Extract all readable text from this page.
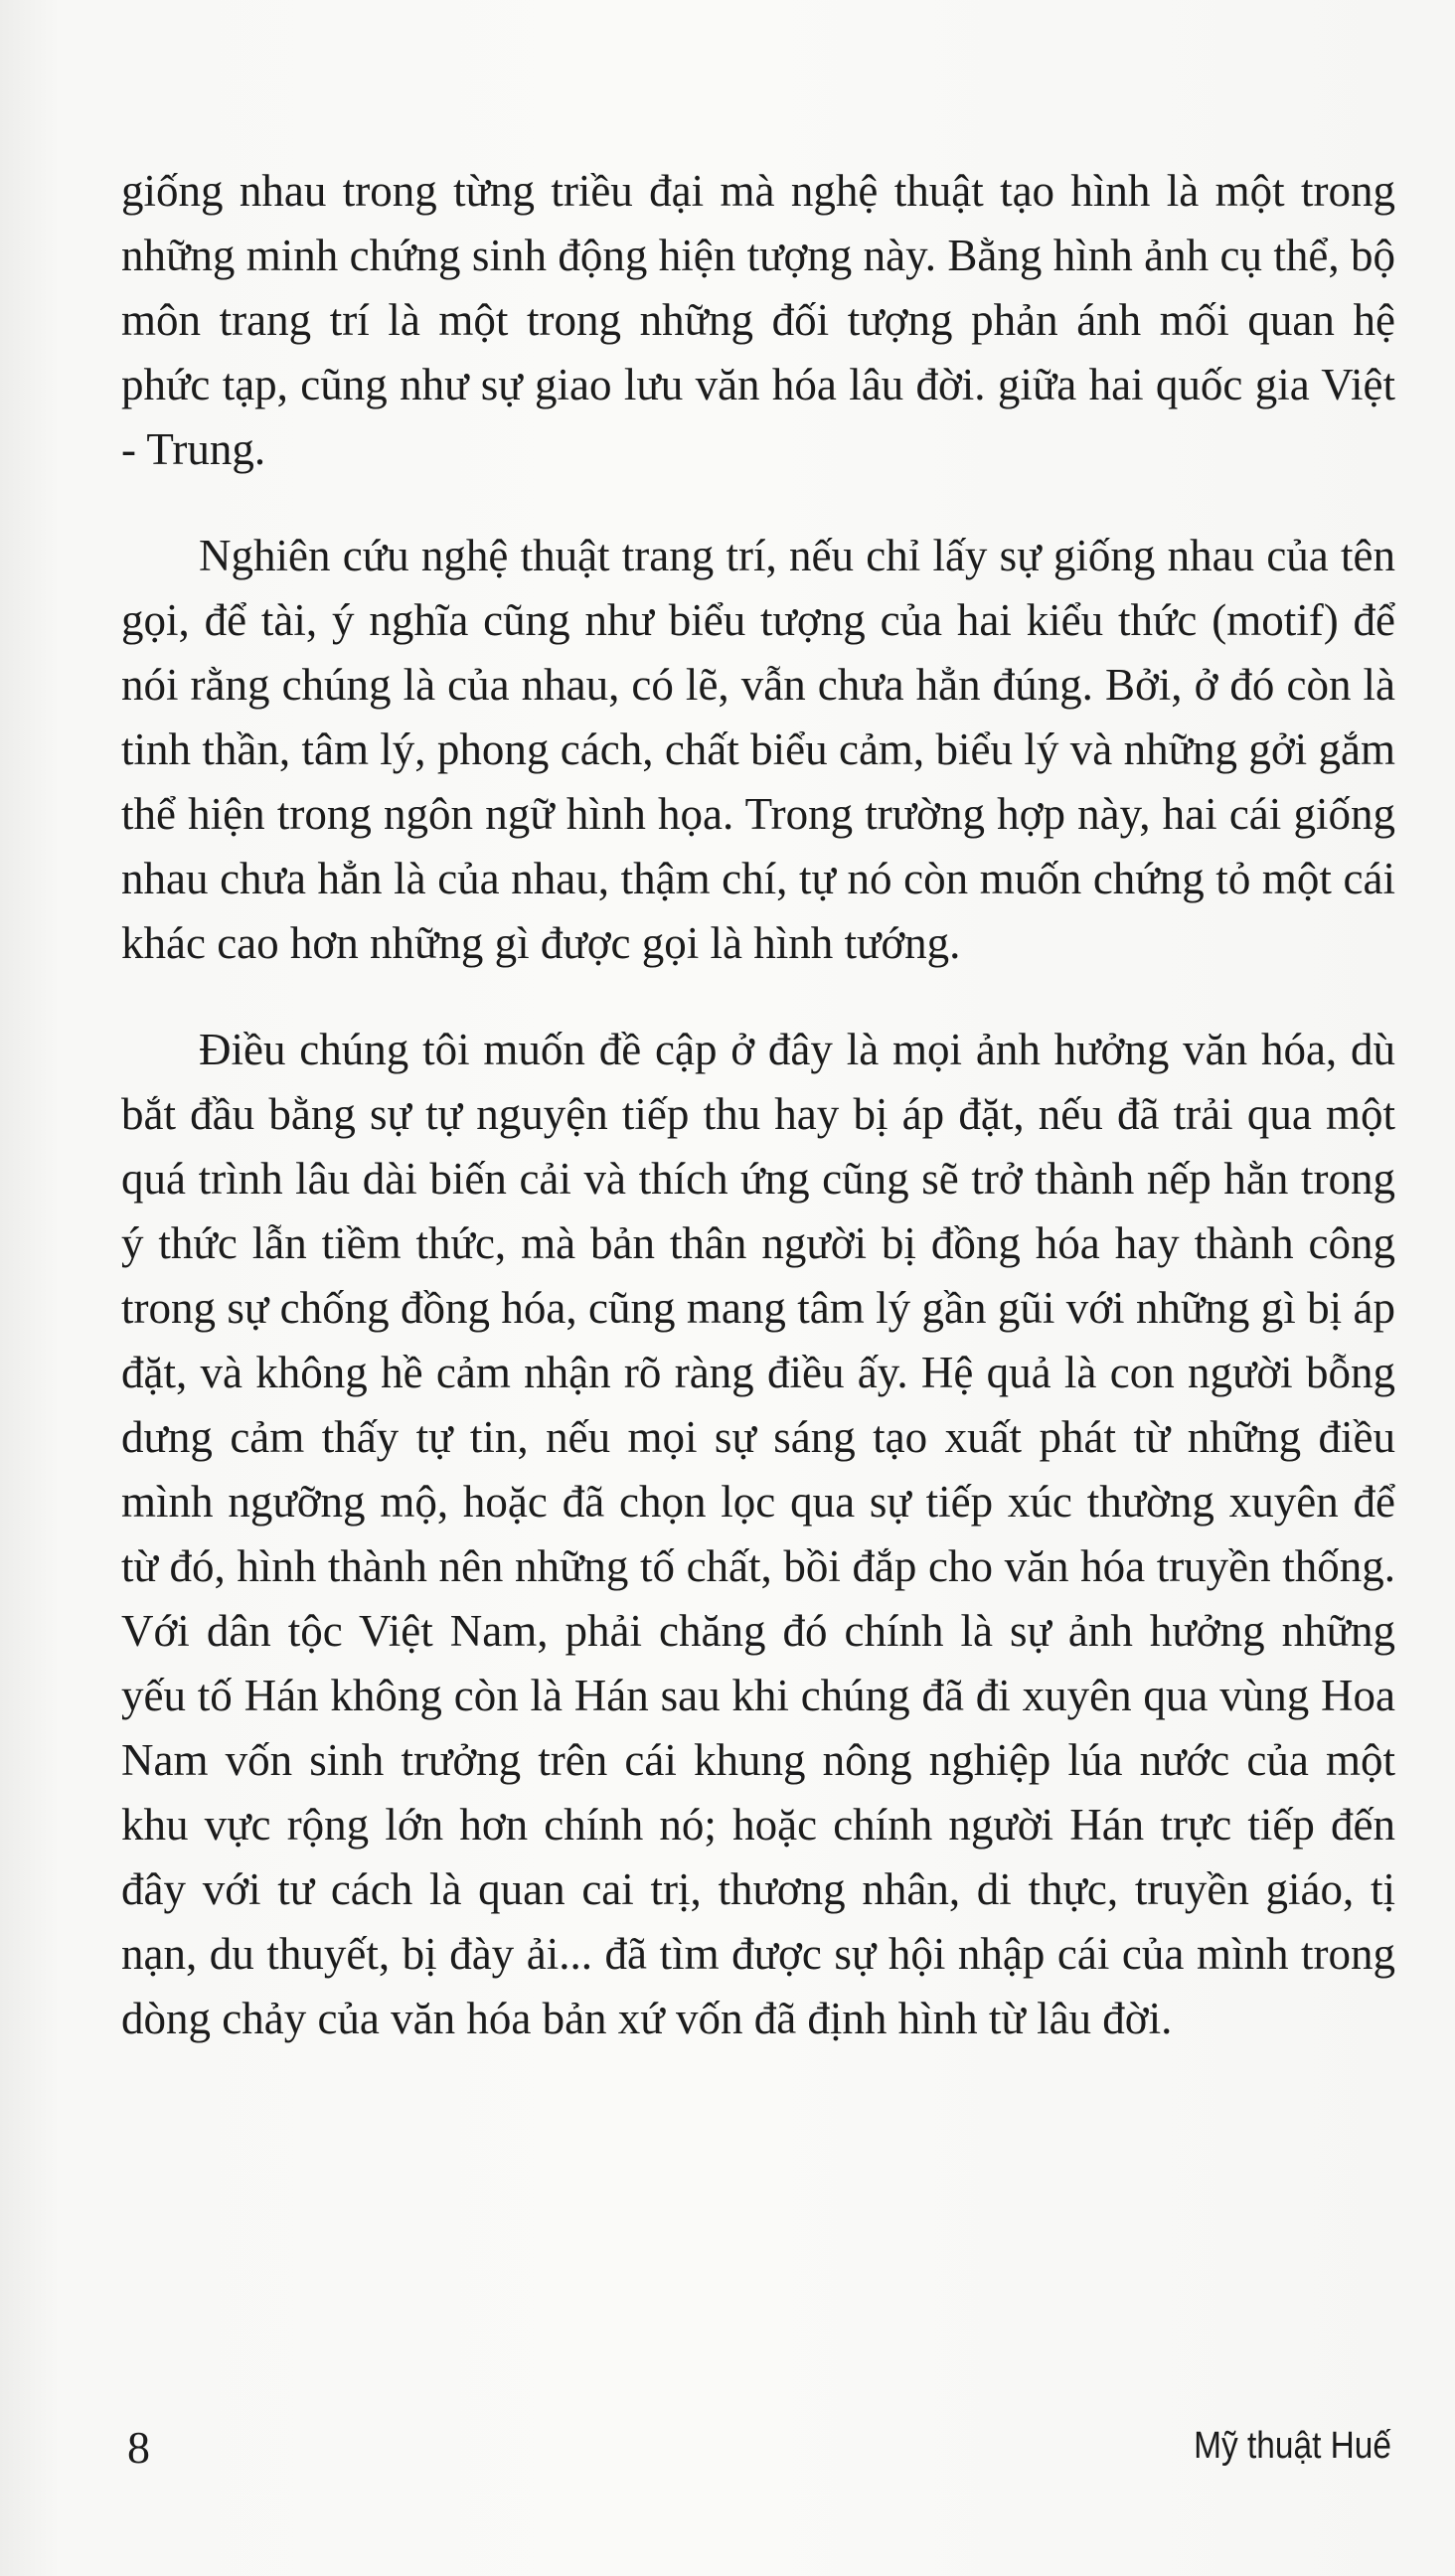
giống nhau trong từng triều đại mà nghệ thuật tạo hình là một trong những minh chứng sinh động hiện tượng này. Bằng hình ảnh cụ thể, bộ môn trang trí là một trong những đối tượng phản ánh mối quan hệ phức tạp, cũng như sự giao lưu văn hóa lâu đời. giữa hai quốc gia Việt - Trung.

Nghiên cứu nghệ thuật trang trí, nếu chỉ lấy sự giống nhau của tên gọi, để tài, ý nghĩa cũng như biểu tượng của hai kiểu thức (motif) để nói rằng chúng là của nhau, có lẽ, vẫn chưa hẳn đúng. Bởi, ở đó còn là tinh thần, tâm lý, phong cách, chất biểu cảm, biểu lý và những gởi gắm thể hiện trong ngôn ngữ hình họa. Trong trường hợp này, hai cái giống nhau chưa hẳn là của nhau, thậm chí, tự nó còn muốn chứng tỏ một cái khác cao hơn những gì được gọi là hình tướng.

Điều chúng tôi muốn đề cập ở đây là mọi ảnh hưởng văn hóa, dù bắt đầu bằng sự tự nguyện tiếp thu hay bị áp đặt, nếu đã trải qua một quá trình lâu dài biến cải và thích ứng cũng sẽ trở thành nếp hằn trong ý thức lẫn tiềm thức, mà bản thân người bị đồng hóa hay thành công trong sự chống đồng hóa, cũng mang tâm lý gần gũi với những gì bị áp đặt, và không hề cảm nhận rõ ràng điều ấy. Hệ quả là con người bỗng dưng cảm thấy tự tin, nếu mọi sự sáng tạo xuất phát từ những điều mình ngưỡng mộ, hoặc đã chọn lọc qua sự tiếp xúc thường xuyên để từ đó, hình thành nên những tố chất, bồi đắp cho văn hóa truyền thống. Với dân tộc Việt Nam, phải chăng đó chính là sự ảnh hưởng những yếu tố Hán không còn là Hán sau khi chúng đã đi xuyên qua vùng Hoa Nam vốn sinh trưởng trên cái khung nông nghiệp lúa nước của một khu vực rộng lớn hơn chính nó; hoặc chính người Hán trực tiếp đến đây với tư cách là quan cai trị, thương nhân, di thực, truyền giáo, tị nạn, du thuyết, bị đày ải... đã tìm được sự hội nhập cái của mình trong dòng chảy của văn hóa bản xứ vốn đã định hình từ lâu đời.

8	Mỹ thuật Huế
